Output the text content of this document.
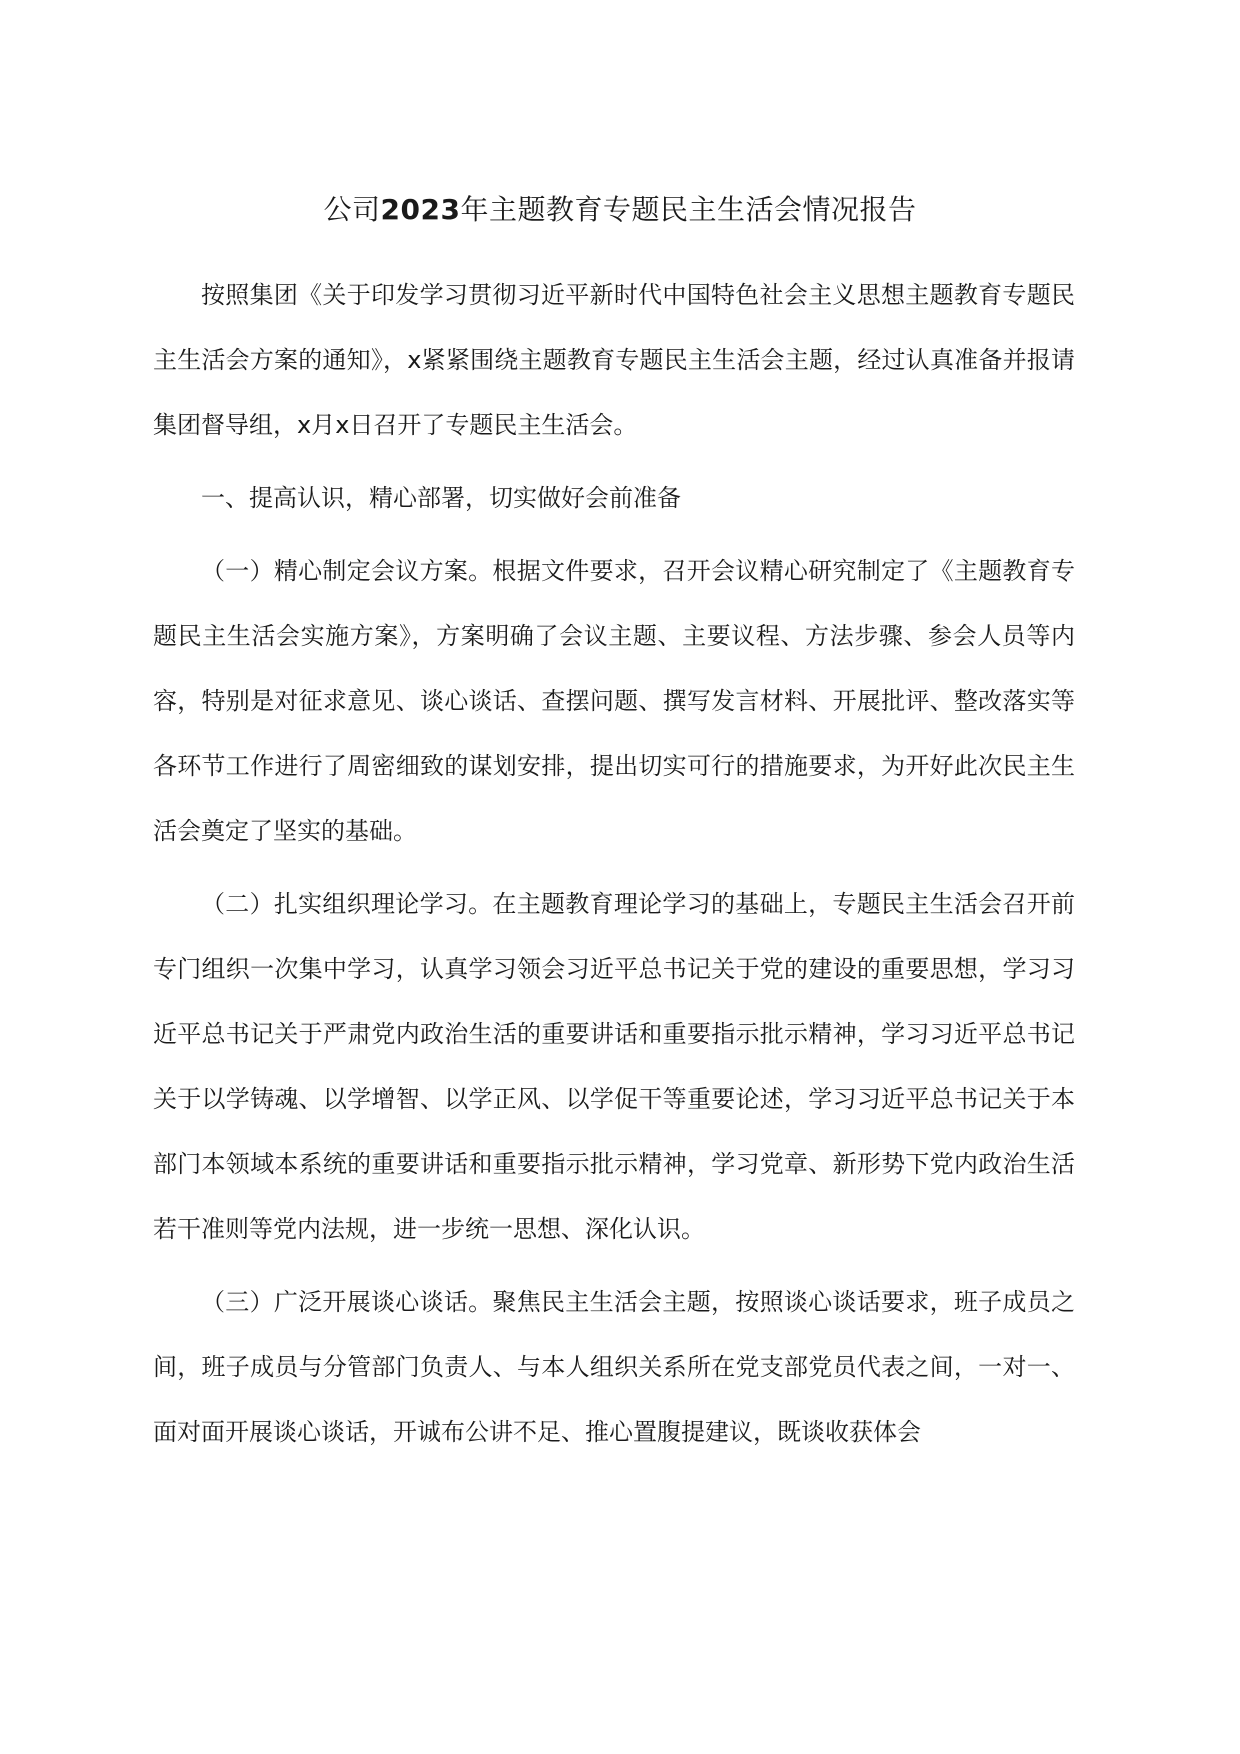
公司2023年主题教育专题民主生活会情况报告

按照集团《关于印发学习贯彻习近平新时代中国特色社会主义思想主题教育专题民主生活会方案的通知》，x紧紧围绕主题教育专题民主生活会主题，经过认真准备并报请集团督导组，x月x日召开了专题民主生活会。

一、提高认识，精心部署，切实做好会前准备

（一）精心制定会议方案。根据文件要求，召开会议精心研究制定了《主题教育专题民主生活会实施方案》，方案明确了会议主题、主要议程、方法步骤、参会人员等内容，特别是对征求意见、谈心谈话、查摆问题、撰写发言材料、开展批评、整改落实等各环节工作进行了周密细致的谋划安排，提出切实可行的措施要求，为开好此次民主生活会奠定了坚实的基础。

（二）扎实组织理论学习。在主题教育理论学习的基础上，专题民主生活会召开前专门组织一次集中学习，认真学习领会习近平总书记关于党的建设的重要思想，学习习近平总书记关于严肃党内政治生活的重要讲话和重要指示批示精神，学习习近平总书记关于以学铸魂、以学增智、以学正风、以学促干等重要论述，学习习近平总书记关于本部门本领域本系统的重要讲话和重要指示批示精神，学习党章、新形势下党内政治生活若干准则等党内法规，进一步统一思想、深化认识。

（三）广泛开展谈心谈话。聚焦民主生活会主题，按照谈心谈话要求，班子成员之间，班子成员与分管部门负责人、与本人组织关系所在党支部党员代表之间，一对一、面对面开展谈心谈话，开诚布公讲不足、推心置腹提建议，既谈收获体会
